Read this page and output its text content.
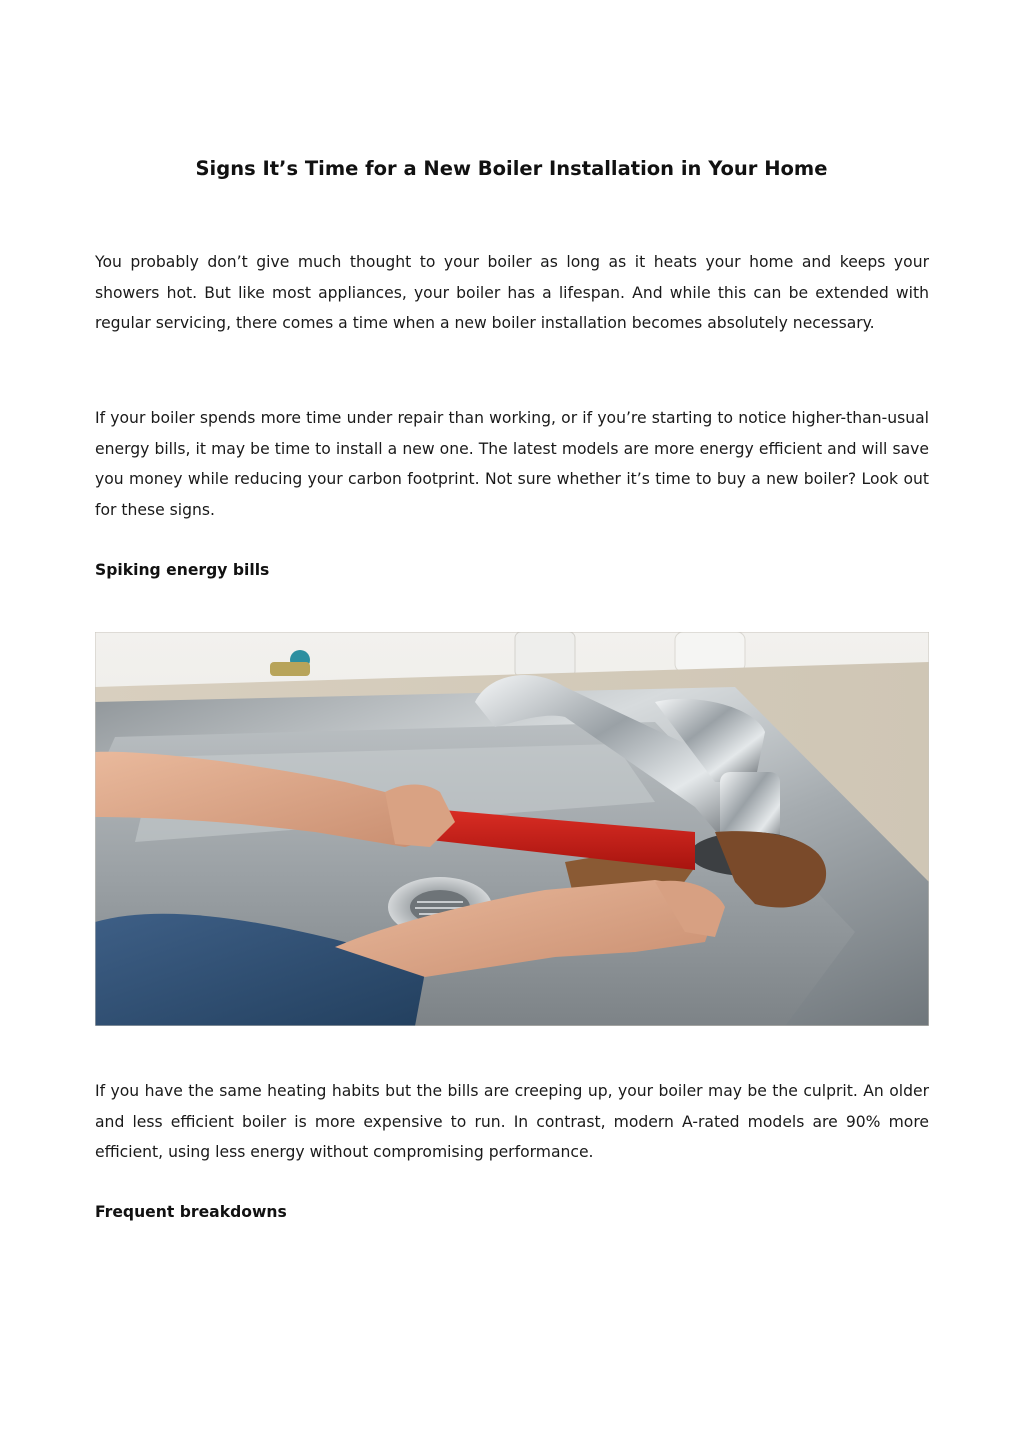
Signs It’s Time for a New Boiler Installation in Your Home

You probably don’t give much thought to your boiler as long as it heats your home and keeps your showers hot. But like most appliances, your boiler has a lifespan. And while this can be extended with regular servicing, there comes a time when a new boiler installation becomes absolutely necessary.

If your boiler spends more time under repair than working, or if you’re starting to notice higher-than-usual energy bills, it may be time to install a new one. The latest models are more energy efficient and will save you money while reducing your carbon footprint. Not sure whether it’s time to buy a new boiler? Look out for these signs.

Spiking energy bills

If you have the same heating habits but the bills are creeping up, your boiler may be the culprit. An older and less efficient boiler is more expensive to run. In contrast, modern A-rated models are 90% more efficient, using less energy without compromising performance.

Frequent breakdowns
